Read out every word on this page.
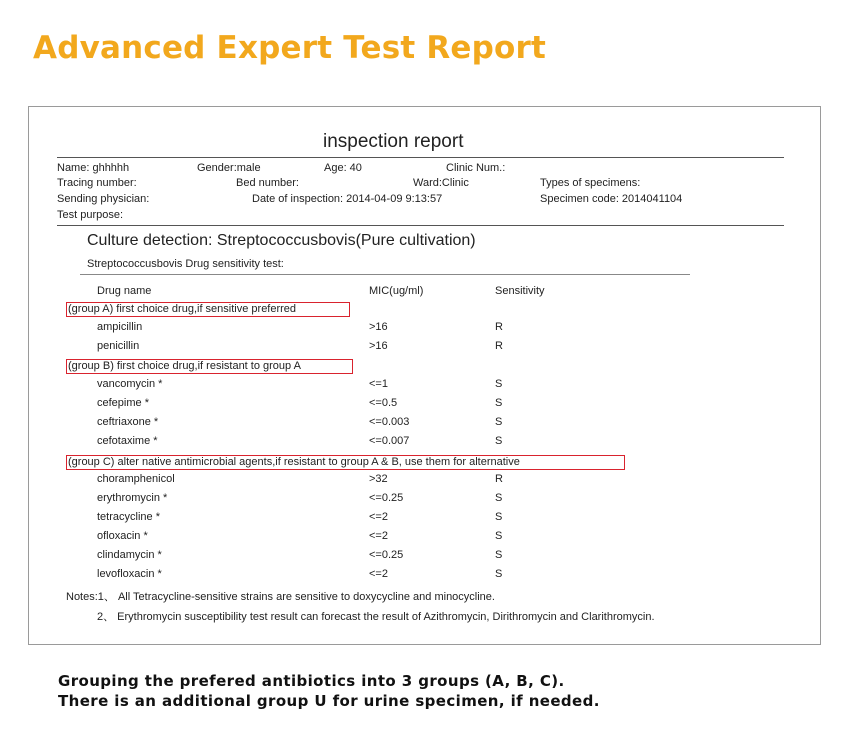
Advanced Expert Test Report
inspection report
Name: ghhhhh	Gender:male	Age: 40	Clinic Num.:
Tracing number:	Bed number:	Ward:Clinic	Types of specimens:
Sending physician:	Date of inspection: 2014-04-09 9:13:57	Specimen code: 2014041104
Test purpose:
Culture detection: Streptococcusbovis(Pure cultivation)
Streptococcusbovis Drug sensitivity test:
Drug name	MIC(ug/ml)	Sensitivity
(group A) first choice drug,if sensitive preferred
ampicillin	>16	R
penicillin	>16	R
(group B) first choice drug,if resistant to group A
vancomycin *	<=1	S
cefepime *	<=0.5	S
ceftriaxone *	<=0.003	S
cefotaxime *	<=0.007	S
(group C) alter native antimicrobial agents,if resistant to group A & B, use them for alternative
choramphenicol	>32	R
erythromycin *	<=0.25	S
tetracycline *	<=2	S
ofloxacin *	<=2	S
clindamycin *	<=0.25	S
levofloxacin *	<=2	S
Notes:1、 All Tetracycline-sensitive strains are sensitive to doxycycline and minocycline.
2、 Erythromycin susceptibility test result can forecast the result of Azithromycin, Dirithromycin and Clarithromycin.
Grouping the prefered antibiotics into 3 groups (A, B, C).
There is an additional group U for urine specimen, if needed.
